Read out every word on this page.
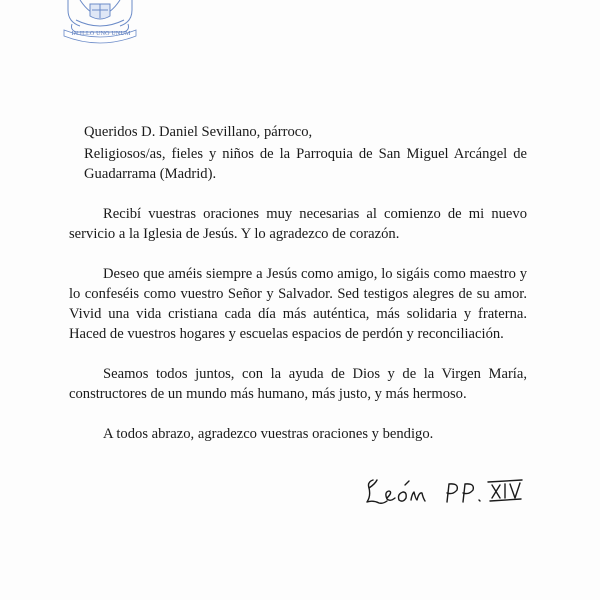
IN ILLO UNO UNUM

Queridos D. Daniel Sevillano, párroco,

Religiosos/as, fieles y niños de la Parroquia de San Miguel Arcángel de Guadarrama (Madrid).

Recibí vuestras oraciones muy necesarias al comienzo de mi nuevo servicio a la Iglesia de Jesús. Y lo agradezco de corazón.

Deseo que améis siempre a Jesús como amigo, lo sigáis como maestro y lo confeséis como vuestro Señor y Salvador. Sed testigos alegres de su amor. Vivid una vida cristiana cada día más auténtica, más solidaria y fraterna. Haced de vuestros hogares y escuelas espacios de perdón y reconciliación.

Seamos todos juntos, con la ayuda de Dios y de la Virgen María, constructores de un mundo más humano, más justo, y más hermoso.

A todos abrazo, agradezco vuestras oraciones y bendigo.
